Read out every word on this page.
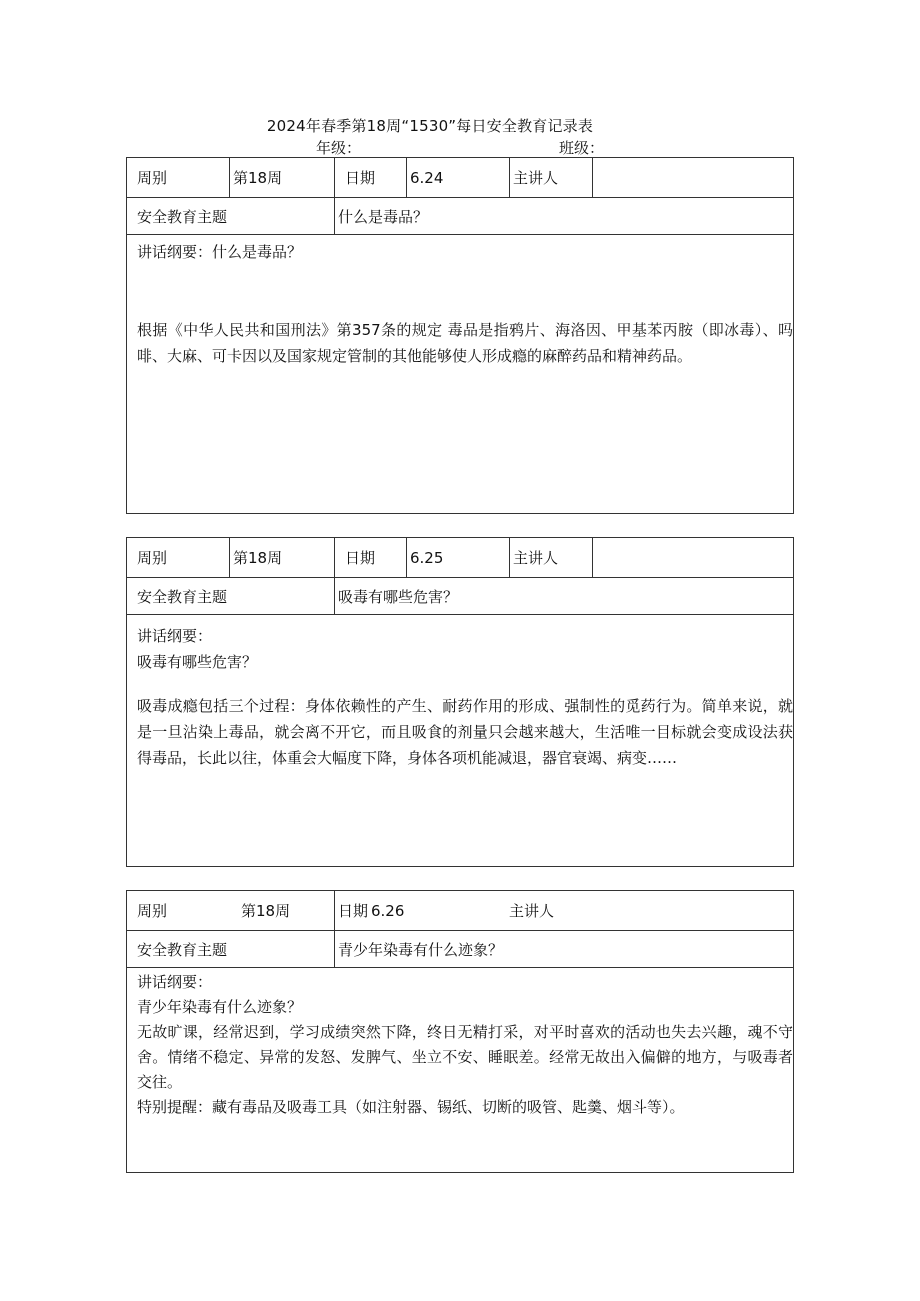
2024年春季第18周“1530”每日安全教育记录表
年级：	班级：
周别	第18周	日期	6.24	主讲人
安全教育主题	什么是毒品？

讲话纲要：什么是毒品？

根据《中华人民共和国刑法》第357条的规定 毒品是指鸦片、海洛因、甲基苯丙胺（即冰毒）、吗啡、大麻、可卡因以及国家规定管制的其他能够使人形成瘾的麻醉药品和精神药品。

周别	第18周	日期	6.25	主讲人
安全教育主题	吸毒有哪些危害？

讲话纲要：

吸毒有哪些危害？

吸毒成瘾包括三个过程：身体依赖性的产生、耐药作用的形成、强制性的觅药行为。简单来说，就是一旦沾染上毒品，就会离不开它，而且吸食的剂量只会越来越大，生活唯一目标就会变成设法获得毒品，长此以往，体重会大幅度下降，身体各项机能减退，器官衰竭、病变……

周别	第18周	日期 6.26	主讲人
安全教育主题	青少年染毒有什么迹象？

讲话纲要：

青少年染毒有什么迹象？

无故旷课，经常迟到，学习成绩突然下降，终日无精打采，对平时喜欢的活动也失去兴趣，魂不守舍。情绪不稳定、异常的发怒、发脾气、坐立不安、睡眠差。经常无故出入偏僻的地方，与吸毒者交往。

特别提醒：藏有毒品及吸毒工具（如注射器、锡纸、切断的吸管、匙羹、烟斗等）。
